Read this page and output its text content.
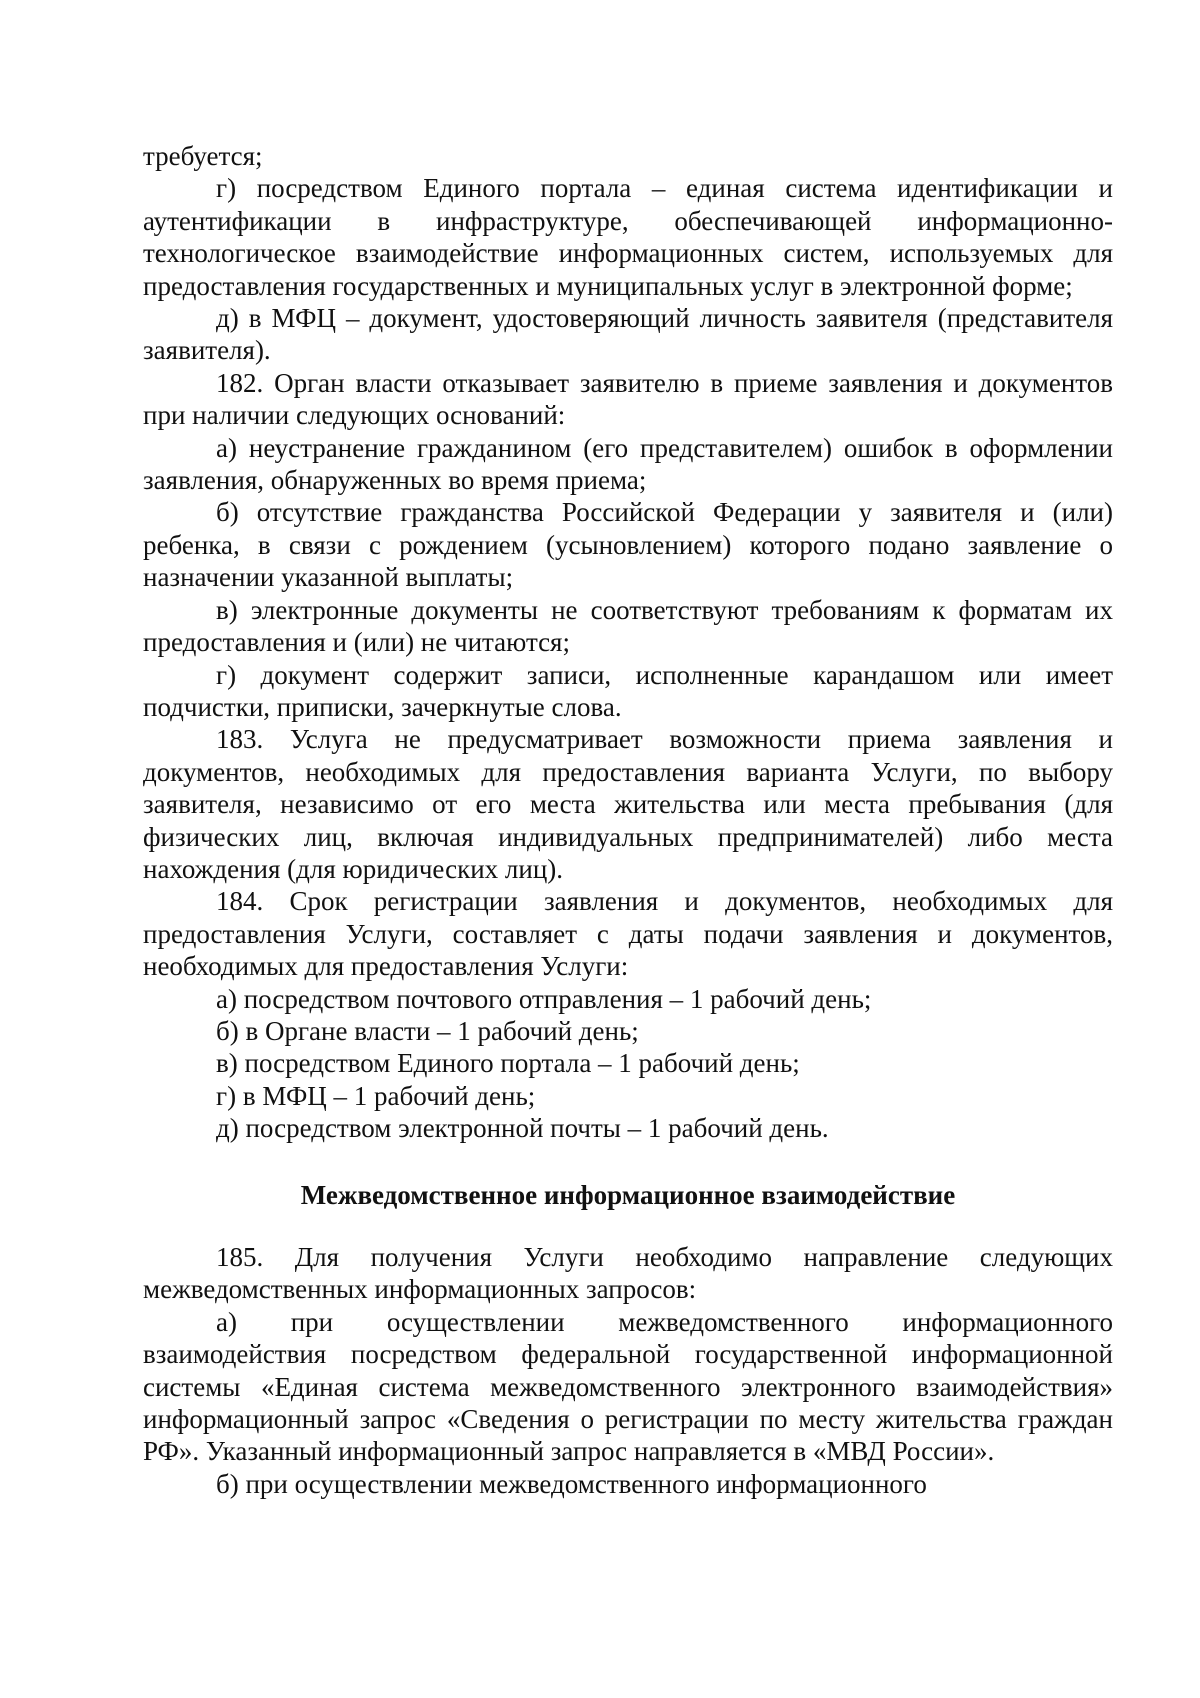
требуется;

г) посредством Единого портала – единая система идентификации и аутентификации в инфраструктуре, обеспечивающей информационно-технологическое взаимодействие информационных систем, используемых для предоставления государственных и муниципальных услуг в электронной форме;

д) в МФЦ – документ, удостоверяющий личность заявителя (представителя заявителя).

182. Орган власти отказывает заявителю в приеме заявления и документов при наличии следующих оснований:

а) неустранение гражданином (его представителем) ошибок в оформлении заявления, обнаруженных во время приема;

б) отсутствие гражданства Российской Федерации у заявителя и (или) ребенка, в связи с рождением (усыновлением) которого подано заявление о назначении указанной выплаты;

в) электронные документы не соответствуют требованиям к форматам их предоставления и (или) не читаются;

г) документ содержит записи, исполненные карандашом или имеет подчистки, приписки, зачеркнутые слова.

183. Услуга не предусматривает возможности приема заявления и документов, необходимых для предоставления варианта Услуги, по выбору заявителя, независимо от его места жительства или места пребывания (для физических лиц, включая индивидуальных предпринимателей) либо места нахождения (для юридических лиц).

184. Срок регистрации заявления и документов, необходимых для предоставления Услуги, составляет с даты подачи заявления и документов, необходимых для предоставления Услуги:

а) посредством почтового отправления – 1 рабочий день;

б) в Органе власти – 1 рабочий день;

в) посредством Единого портала – 1 рабочий день;

г) в МФЦ – 1 рабочий день;

д) посредством электронной почты – 1 рабочий день.

Межведомственное информационное взаимодействие

185. Для получения Услуги необходимо направление следующих межведомственных информационных запросов:

а) при осуществлении межведомственного информационного взаимодействия посредством федеральной государственной информационной системы «Единая система межведомственного электронного взаимодействия» информационный запрос «Сведения о регистрации по месту жительства граждан РФ». Указанный информационный запрос направляется в «МВД России».

б) при осуществлении межведомственного информационного
